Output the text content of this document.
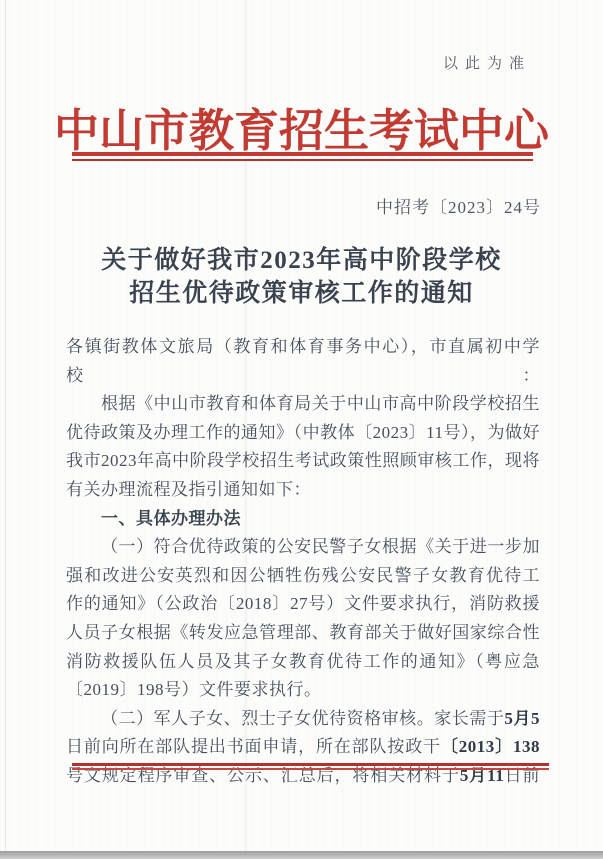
以此为准
中山市教育招生考试中心
中招考〔2023〕24号
关于做好我市2023年高中阶段学校
招生优待政策审核工作的通知
各镇街教体文旅局（教育和体育事务中心），市直属初中学校：
根据《中山市教育和体育局关于中山市高中阶段学校招生
优待政策及办理工作的通知》（中教体〔2023〕11号），为做好
我市2023年高中阶段学校招生考试政策性照顾审核工作，现将
有关办理流程及指引通知如下：
一、具体办理办法
（一）符合优待政策的公安民警子女根据《关于进一步加
强和改进公安英烈和因公牺牲伤残公安民警子女教育优待工
作的通知》（公政治〔2018〕27号）文件要求执行，消防救援
人员子女根据《转发应急管理部、教育部关于做好国家综合性
消防救援队伍人员及其子女教育优待工作的通知》（粤应急
〔2019〕198号）文件要求执行。
（二）军人子女、烈士子女优待资格审核。家长需于5月5
日前向所在部队提出书面申请，所在部队按政干〔2013〕138
号文规定程序审查、公示、汇总后，将相关材料于5月11日前
